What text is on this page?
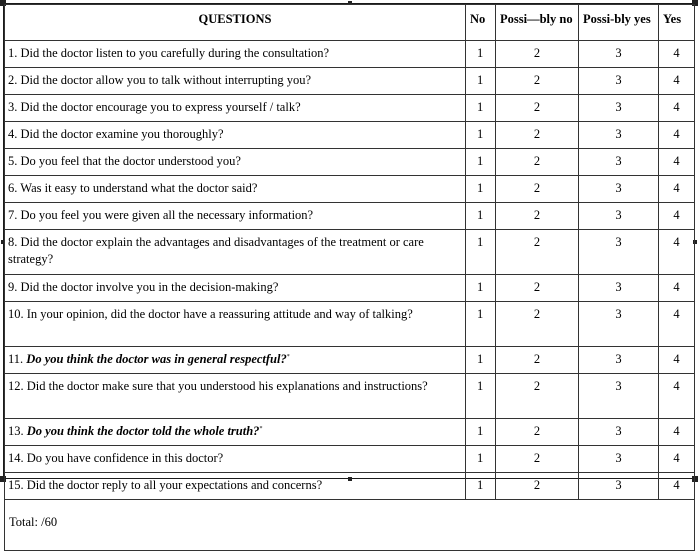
QUESTIONS	No	Possi—bly no	Possi-bly yes	Yes
1. Did the doctor listen to you carefully during the consultation?	1	2	3	4
2. Did the doctor allow you to talk without interrupting you?	1	2	3	4
3. Did the doctor encourage you to express yourself / talk?	1	2	3	4
4. Did the doctor examine you thoroughly?	1	2	3	4
5. Do you feel that the doctor understood you?	1	2	3	4
6. Was it easy to understand what the doctor said?	1	2	3	4
7. Do you feel you were given all the necessary information?	1	2	3	4
8. Did the doctor explain the advantages and disadvantages of the treatment or care strategy?	1	2	3	4
9. Did the doctor involve you in the decision-making?	1	2	3	4
10. In your opinion, did the doctor have a reassuring attitude and way of talking?	1	2	3	4
11. Do you think the doctor was in general respectful?*	1	2	3	4
12. Did the doctor make sure that you understood his explanations and instructions?	1	2	3	4
13. Do you think the doctor told the whole truth?*	1	2	3	4
14. Do you have confidence in this doctor?	1	2	3	4
15. Did the doctor reply to all your expectations and concerns?	1	2	3	4
Total: /60				
